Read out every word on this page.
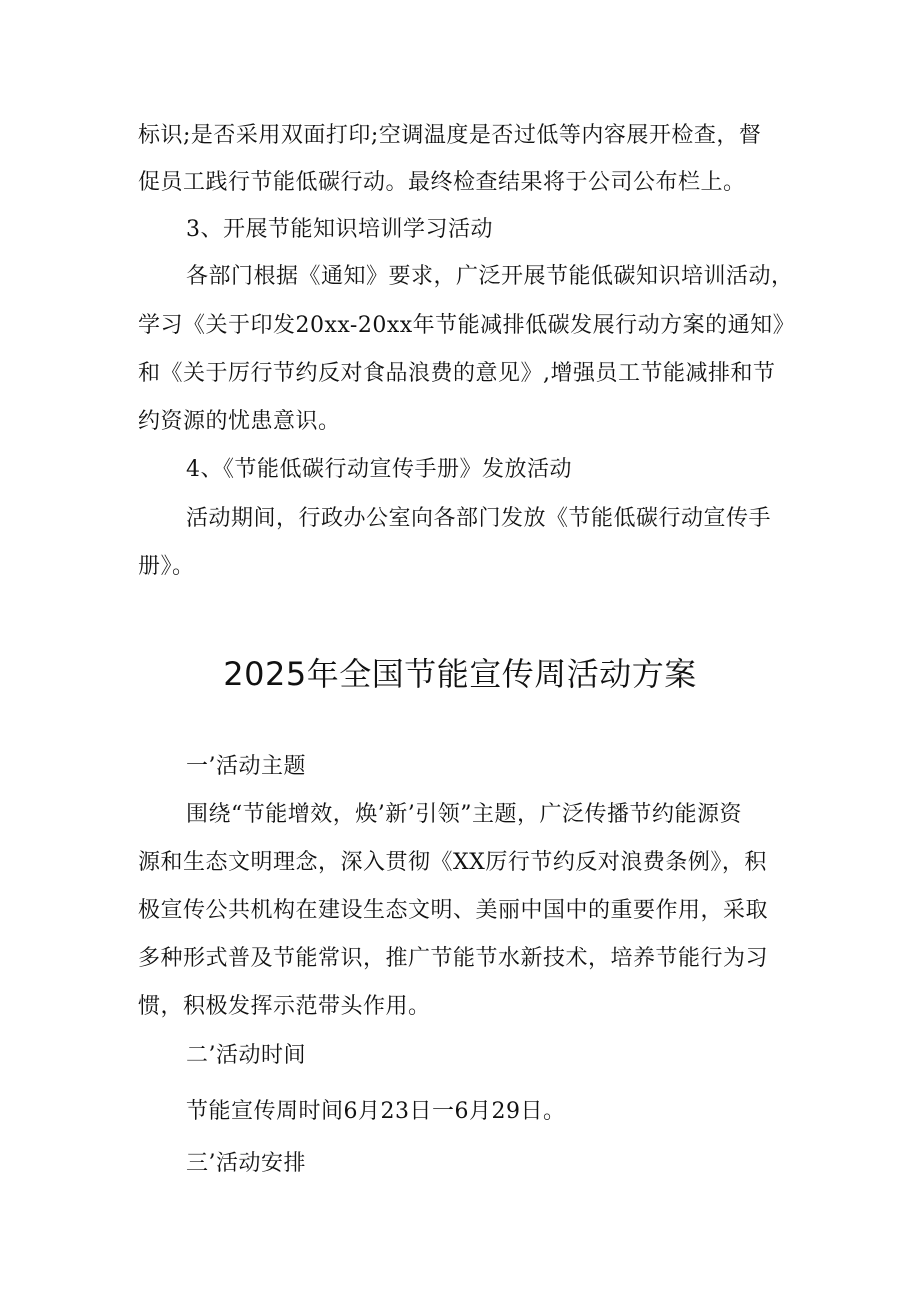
标识;是否采用双面打印;空调温度是否过低等内容展开检查，督
促员工践行节能低碳行动。最终检查结果将于公司公布栏上。
3、开展节能知识培训学习活动
各部门根据《通知》要求，广泛开展节能低碳知识培训活动，
学习《关于印发20xx-20xx年节能减排低碳发展行动方案的通知》
和《关于厉行节约反对食品浪费的意见》,增强员工节能减排和节
约资源的忧患意识。
4、《节能低碳行动宣传手册》发放活动
活动期间，行政办公室向各部门发放《节能低碳行动宣传手
册》。
2025年全国节能宣传周活动方案
一’活动主题
围绕“节能增效，焕’新’引领”主题，广泛传播节约能源资
源和生态文明理念，深入贯彻《XX厉行节约反对浪费条例》，积
极宣传公共机构在建设生态文明、美丽中国中的重要作用，采取
多种形式普及节能常识，推广节能节水新技术，培养节能行为习
惯，积极发挥示范带头作用。
二’活动时间
节能宣传周时间6月23日一6月29日。
三’活动安排
